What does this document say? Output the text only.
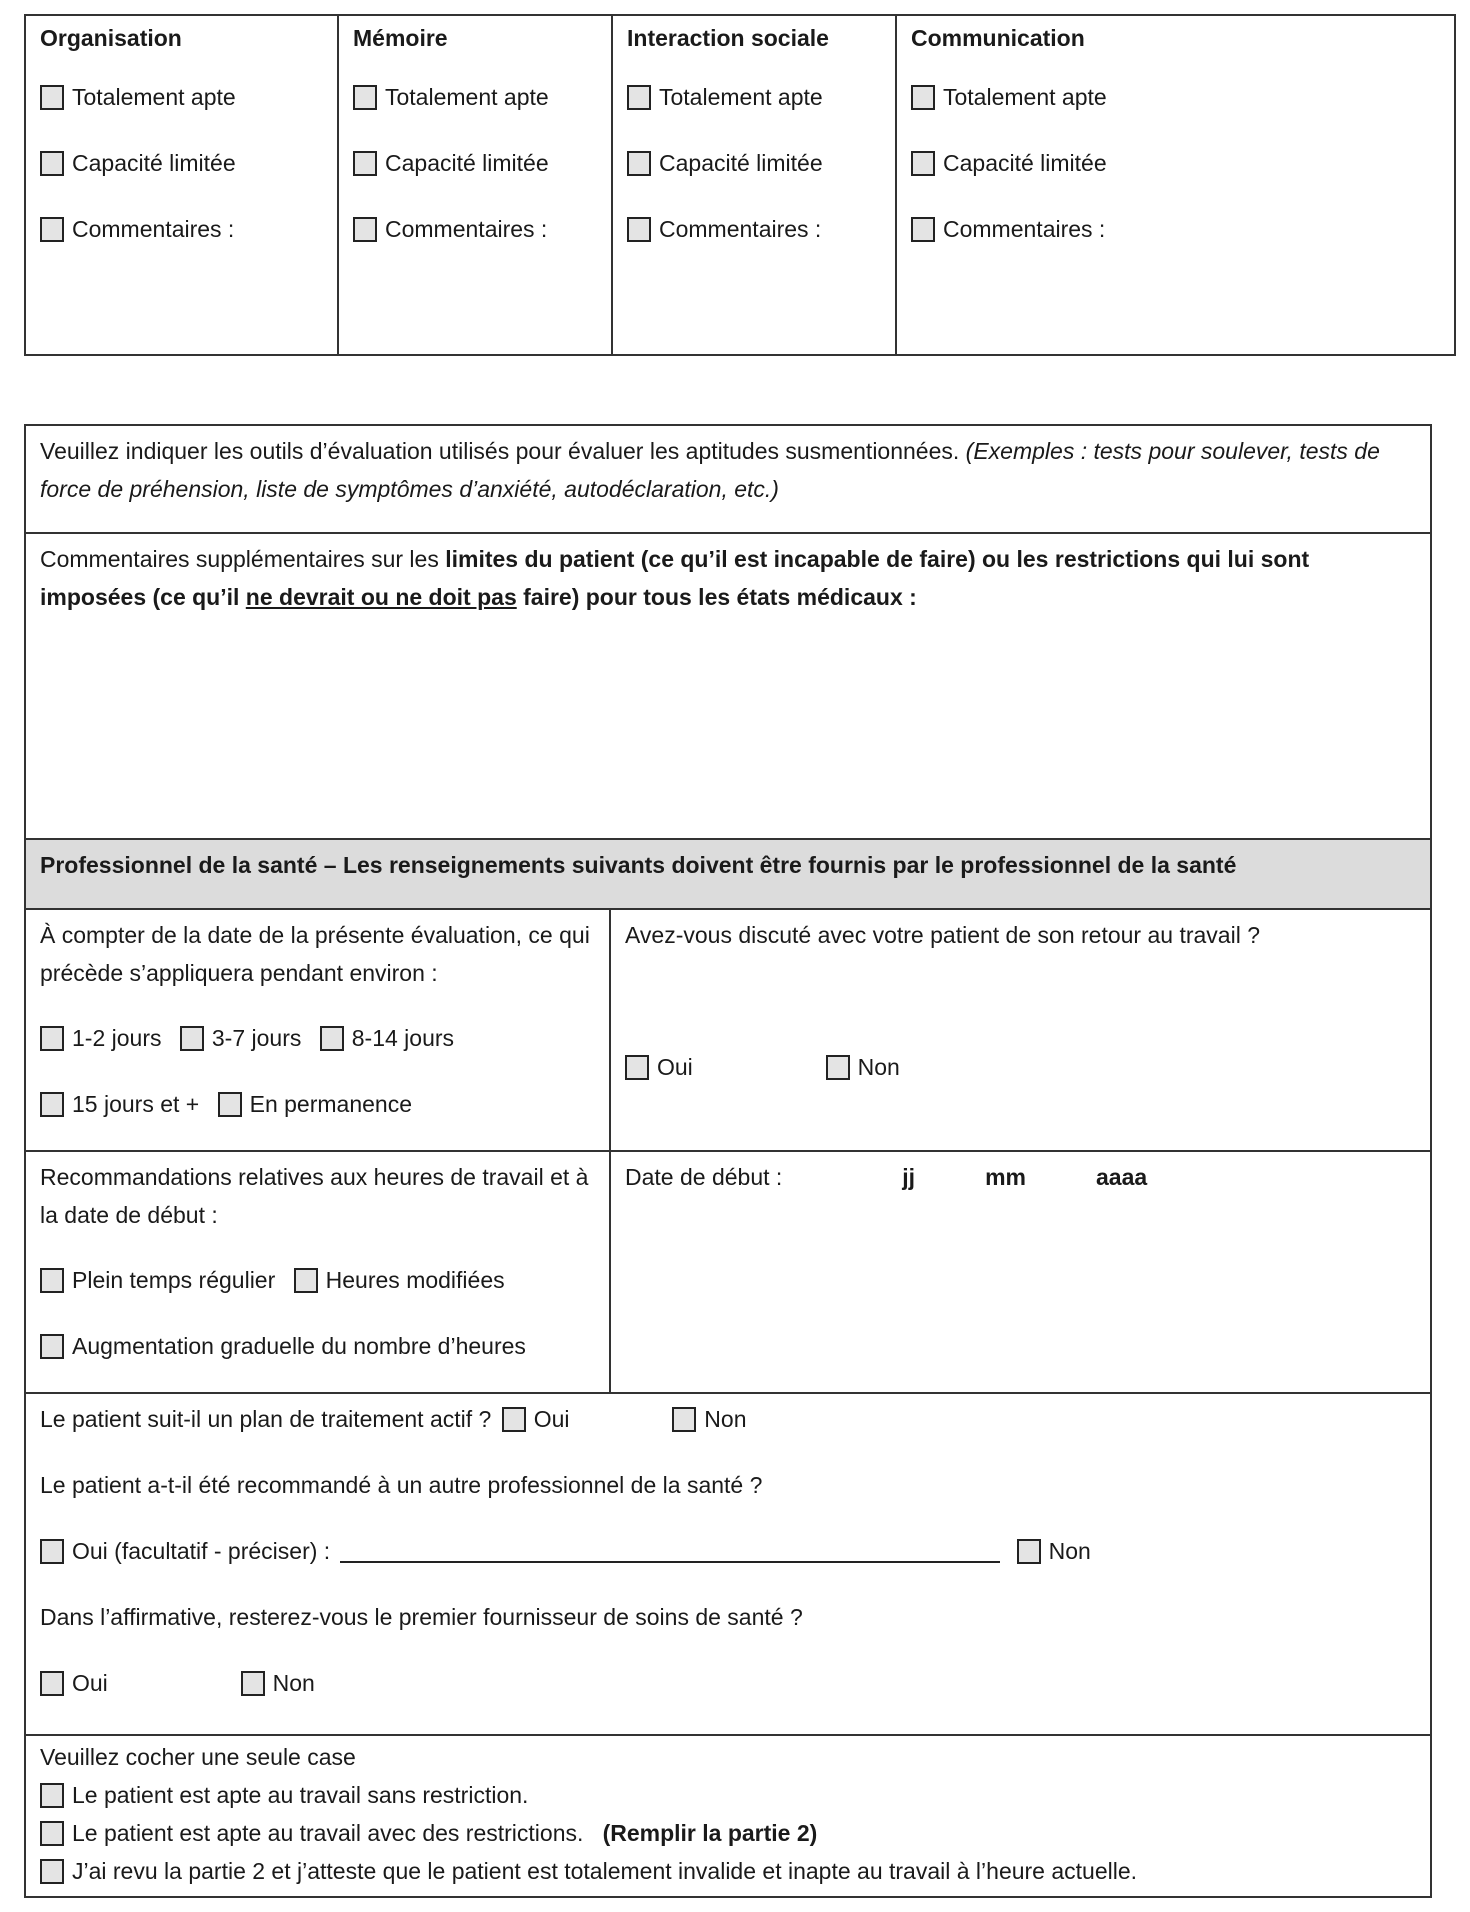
Organisation
Totalement apte
Capacité limitée
Commentaires :
Mémoire
Totalement apte
Capacité limitée
Commentaires :
Interaction sociale
Totalement apte
Capacité limitée
Commentaires :
Communication
Totalement apte
Capacité limitée
Commentaires :
Veuillez indiquer les outils d’évaluation utilisés pour évaluer les aptitudes susmentionnées. (Exemples : tests pour soulever, tests de force de préhension, liste de symptômes d’anxiété, autodéclaration, etc.)
Commentaires supplémentaires sur les limites du patient (ce qu’il est incapable de faire) ou les restrictions qui lui sont imposées (ce qu’il ne devrait ou ne doit pas faire) pour tous les états médicaux :
Professionnel de la santé – Les renseignements suivants doivent être fournis par le professionnel de la santé
À compter de la date de la présente évaluation, ce qui précède s’appliquera pendant environ :
1-2 jours 3-7 jours 8-14 jours
15 jours et + En permanence
Avez-vous discuté avec votre patient de son retour au travail ?
Oui	Non
Recommandations relatives aux heures de travail et à la date de début :
Plein temps régulier Heures modifiées
Augmentation graduelle du nombre d’heures
Date de début :	jj	mm	aaaa
Le patient suit-il un plan de traitement actif ? Oui	Non
Le patient a-t-il été recommandé à un autre professionnel de la santé ?
Oui (facultatif - préciser) :	Non
Dans l’affirmative, resterez-vous le premier fournisseur de soins de santé ?
Oui	Non
Veuillez cocher une seule case
Le patient est apte au travail sans restriction.
Le patient est apte au travail avec des restrictions. (Remplir la partie 2)
J’ai revu la partie 2 et j’atteste que le patient est totalement invalide et inapte au travail à l’heure actuelle.
